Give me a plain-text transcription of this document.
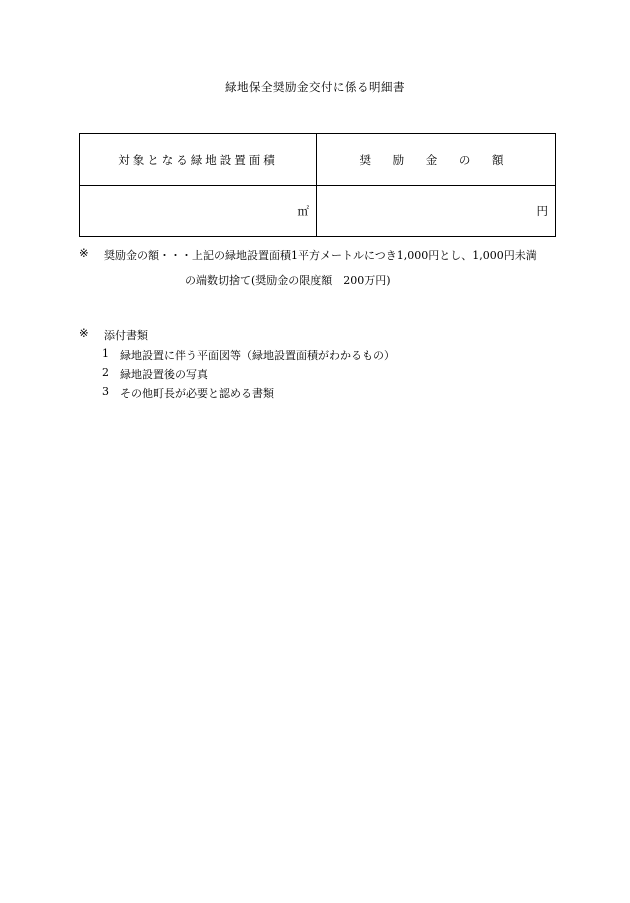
緑地保全奨励金交付に係る明細書
対象となる緑地設置面積	奨 励 金 の 額
㎡	円
※ 奨励金の額・・・上記の緑地設置面積1平方メートルにつき1,000円とし、1,000円未満
の端数切捨て(奨励金の限度額　200万円)
※ 添付書類
1 緑地設置に伴う平面図等（緑地設置面積がわかるもの）
2 緑地設置後の写真
3 その他町長が必要と認める書類
